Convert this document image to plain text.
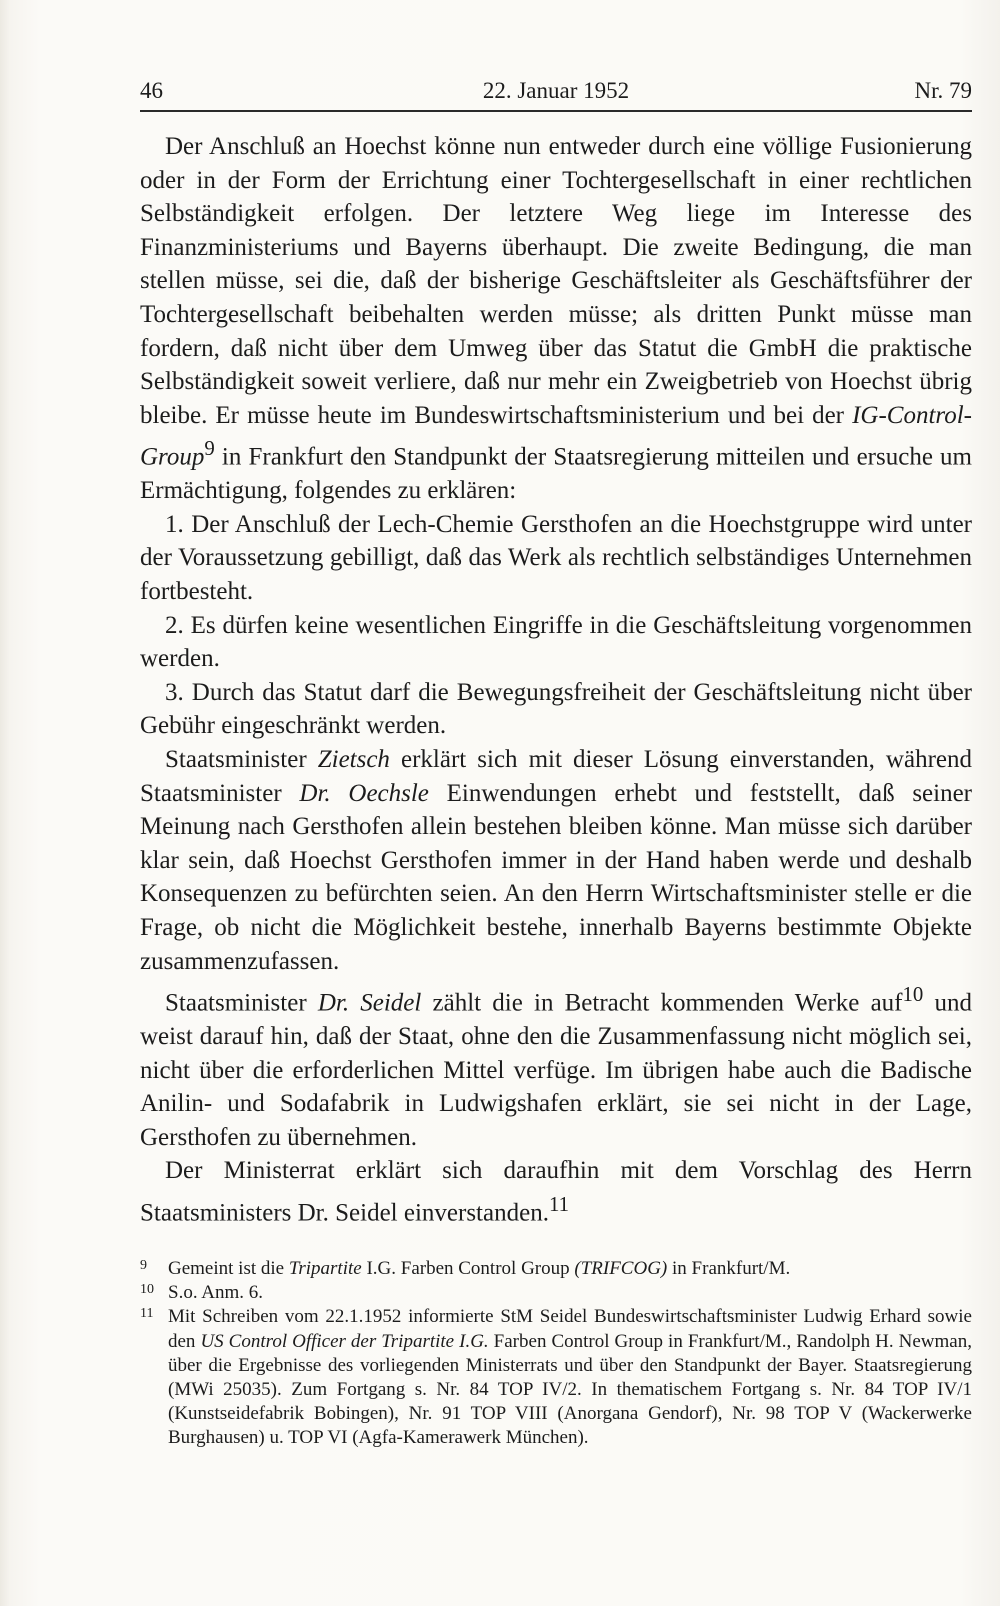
46	22. Januar 1952	Nr. 79

Der Anschluß an Hoechst könne nun entweder durch eine völlige Fusionierung oder in der Form der Errichtung einer Tochtergesellschaft in einer rechtlichen Selbständigkeit erfolgen. Der letztere Weg liege im Interesse des Finanzministeriums und Bayerns überhaupt. Die zweite Bedingung, die man stellen müsse, sei die, daß der bisherige Geschäftsleiter als Geschäftsführer der Tochtergesellschaft beibehalten werden müsse; als dritten Punkt müsse man fordern, daß nicht über dem Umweg über das Statut die GmbH die praktische Selbständigkeit soweit verliere, daß nur mehr ein Zweigbetrieb von Hoechst übrig bleibe. Er müsse heute im Bundeswirtschaftsministerium und bei der IG-Control-Group$^9$ in Frankfurt den Standpunkt der Staatsregierung mitteilen und ersuche um Ermächtigung, folgendes zu erklären:

1. Der Anschluß der Lech-Chemie Gersthofen an die Hoechstgruppe wird unter der Voraussetzung gebilligt, daß das Werk als rechtlich selbständiges Unternehmen fortbesteht.

2. Es dürfen keine wesentlichen Eingriffe in die Geschäftsleitung vorgenommen werden.

3. Durch das Statut darf die Bewegungsfreiheit der Geschäftsleitung nicht über Gebühr eingeschränkt werden.

Staatsminister Zietsch erklärt sich mit dieser Lösung einverstanden, während Staatsminister Dr. Oechsle Einwendungen erhebt und feststellt, daß seiner Meinung nach Gersthofen allein bestehen bleiben könne. Man müsse sich darüber klar sein, daß Hoechst Gersthofen immer in der Hand haben werde und deshalb Konsequenzen zu befürchten seien. An den Herrn Wirtschaftsminister stelle er die Frage, ob nicht die Möglichkeit bestehe, innerhalb Bayerns bestimmte Objekte zusammenzufassen.

Staatsminister Dr. Seidel zählt die in Betracht kommenden Werke auf$^{10}$ und weist darauf hin, daß der Staat, ohne den die Zusammenfassung nicht möglich sei, nicht über die erforderlichen Mittel verfüge. Im übrigen habe auch die Badische Anilin- und Sodafabrik in Ludwigshafen erklärt, sie sei nicht in der Lage, Gersthofen zu übernehmen.

Der Ministerrat erklärt sich daraufhin mit dem Vorschlag des Herrn Staatsministers Dr. Seidel einverstanden.$^{11}$

9 Gemeint ist die Tripartite I.G. Farben Control Group (TRIFCOG) in Frankfurt/M.

10 S.o. Anm. 6.

11 Mit Schreiben vom 22.1.1952 informierte StM Seidel Bundeswirtschaftsminister Ludwig Erhard sowie den US Control Officer der Tripartite I.G. Farben Control Group in Frankfurt/M., Randolph H. Newman, über die Ergebnisse des vorliegenden Ministerrats und über den Standpunkt der Bayer. Staatsregierung (MWi 25035). Zum Fortgang s. Nr. 84 TOP IV/2. In thematischem Fortgang s. Nr. 84 TOP IV/1 (Kunstseidefabrik Bobingen), Nr. 91 TOP VIII (Anorgana Gendorf), Nr. 98 TOP V (Wackerwerke Burghausen) u. TOP VI (Agfa-Kamerawerk München).
